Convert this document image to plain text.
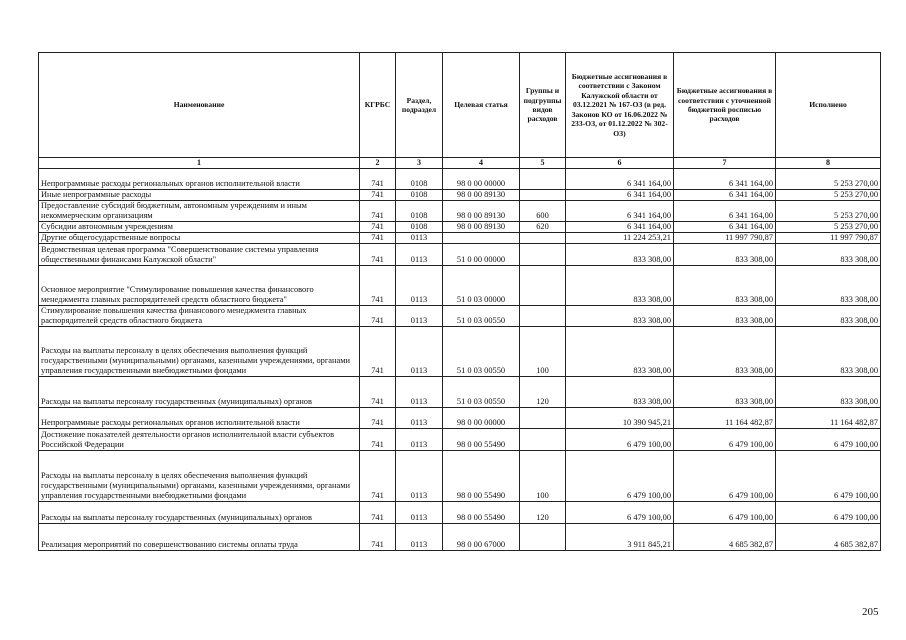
Наименование	КГРБС	Раздел, подраздел	Целевая статья	Группы и подгруппы видов расходов	Бюджетные ассигнования в соответствии с Законом Калужской области от 03.12.2021 № 167-ОЗ (в ред. Законов КО от 16.06.2022 № 233-ОЗ, от 01.12.2022 № 302-ОЗ)	Бюджетные ассигнования в соответствии с уточненной бюджетной росписью расходов	Исполнено
1	2	3	4	5	6	7	8
Непрограммные расходы региональных органов исполнительной власти	741	0108	98 0 00 00000		6 341 164,00	6 341 164,00	5 253 270,00
Иные непрограммные расходы	741	0108	98 0 00 89130		6 341 164,00	6 341 164,00	5 253 270,00
Предоставление субсидий бюджетным, автономным учреждениям и иным некоммерческим организациям	741	0108	98 0 00 89130	600	6 341 164,00	6 341 164,00	5 253 270,00
Субсидии автономным учреждениям	741	0108	98 0 00 89130	620	6 341 164,00	6 341 164,00	5 253 270,00
Другие общегосударственные вопросы	741	0113			11 224 253,21	11 997 790,87	11 997 790,87
Ведомственная целевая программа "Совершенствование системы управления общественными финансами Калужской области"	741	0113	51 0 00 00000		833 308,00	833 308,00	833 308,00
Основное мероприятие "Стимулирование повышения качества финансового менеджмента главных распорядителей средств областного бюджета"	741	0113	51 0 03 00000		833 308,00	833 308,00	833 308,00
Стимулирование повышения качества финансового менеджмента главных распорядителей средств областного бюджета	741	0113	51 0 03 00550		833 308,00	833 308,00	833 308,00
Расходы на выплаты персоналу в целях обеспечения выполнения функций государственными (муниципальными) органами, казенными учреждениями, органами управления государственными внебюджетными фондами	741	0113	51 0 03 00550	100	833 308,00	833 308,00	833 308,00
Расходы на выплаты персоналу государственных (муниципальных) органов	741	0113	51 0 03 00550	120	833 308,00	833 308,00	833 308,00
Непрограммные расходы региональных органов исполнительной власти	741	0113	98 0 00 00000		10 390 945,21	11 164 482,87	11 164 482,87
Достижение показателей деятельности органов исполнительной власти субъектов Российской Федерации	741	0113	98 0 00 55490		6 479 100,00	6 479 100,00	6 479 100,00
Расходы на выплаты персоналу в целях обеспечения выполнения функций государственными (муниципальными) органами, казенными учреждениями, органами управления государственными внебюджетными фондами	741	0113	98 0 00 55490	100	6 479 100,00	6 479 100,00	6 479 100,00
Расходы на выплаты персоналу государственных (муниципальных) органов	741	0113	98 0 00 55490	120	6 479 100,00	6 479 100,00	6 479 100,00
Реализация мероприятий по совершенствованию системы оплаты труда	741	0113	98 0 00 67000		3 911 845,21	4 685 382,87	4 685 382,87
205
